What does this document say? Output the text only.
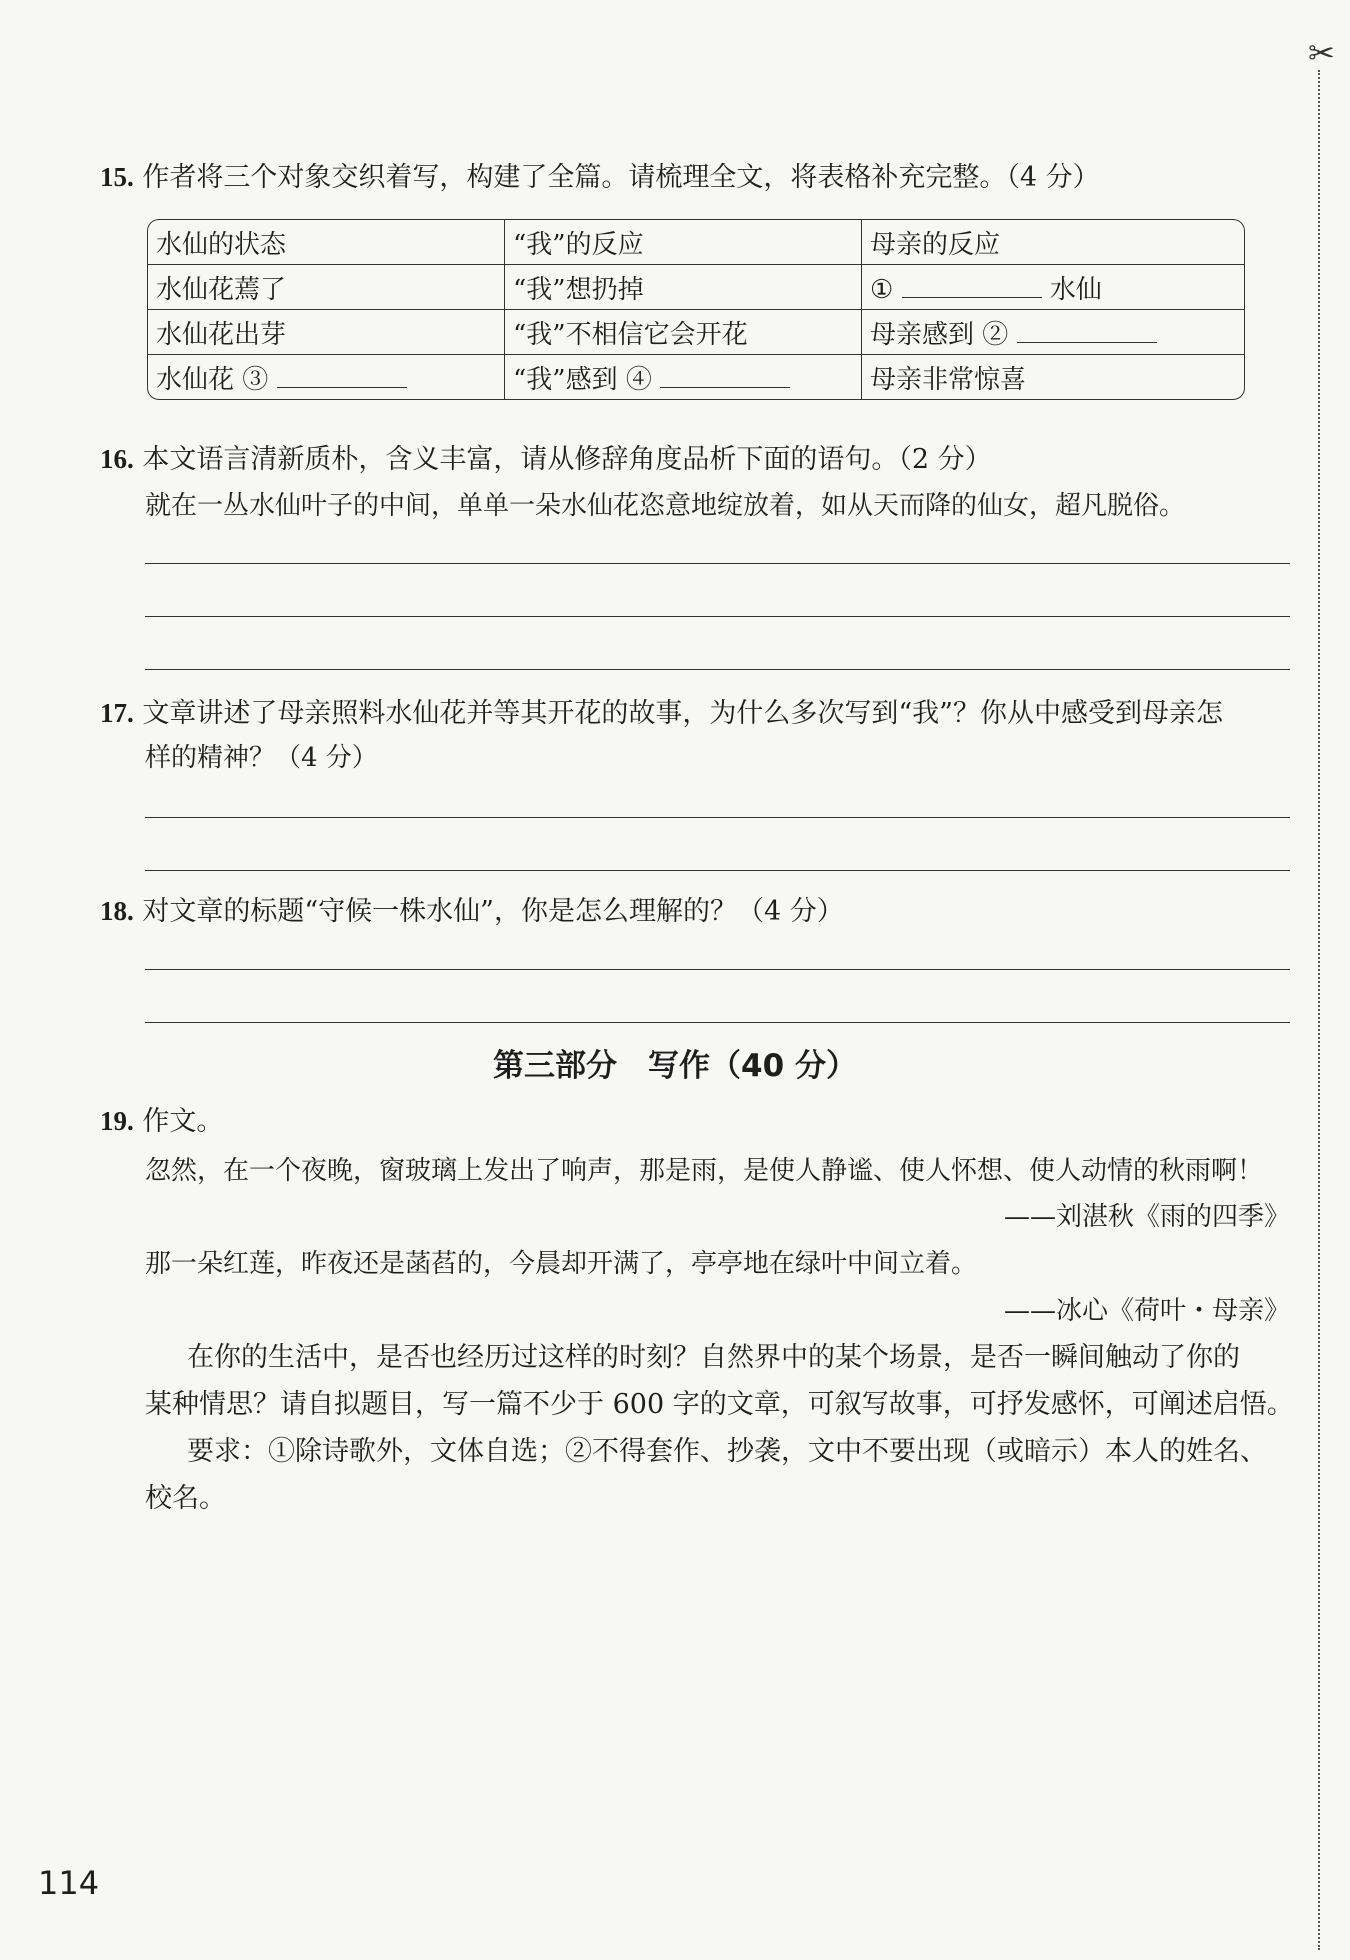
✂
15. 作者将三个对象交织着写，构建了全篇。请梳理全文，将表格补充完整。（4 分）
水仙的状态	“我”的反应	母亲的反应
水仙花蔫了	“我”想扔掉	① 水仙
水仙花出芽	“我”不相信它会开花	母亲感到 ②
水仙花 ③	“我”感到 ④	母亲非常惊喜
16. 本文语言清新质朴，含义丰富，请从修辞角度品析下面的语句。（2 分）
就在一丛水仙叶子的中间，单单一朵水仙花恣意地绽放着，如从天而降的仙女，超凡脱俗。
17. 文章讲述了母亲照料水仙花并等其开花的故事，为什么多次写到“我”？你从中感受到母亲怎
样的精神？（4 分）
18. 对文章的标题“守候一株水仙”，你是怎么理解的？（4 分）
第三部分　写作（40 分）
19. 作文。
忽然，在一个夜晚，窗玻璃上发出了响声，那是雨，是使人静谧、使人怀想、使人动情的秋雨啊！
——刘湛秋《雨的四季》
那一朵红莲，昨夜还是菡萏的，今晨却开满了，亭亭地在绿叶中间立着。
——冰心《荷叶・母亲》
在你的生活中，是否也经历过这样的时刻？自然界中的某个场景，是否一瞬间触动了你的
某种情思？请自拟题目，写一篇不少于 600 字的文章，可叙写故事，可抒发感怀，可阐述启悟。
要求：①除诗歌外，文体自选；②不得套作、抄袭，文中不要出现（或暗示）本人的姓名、
校名。
114
